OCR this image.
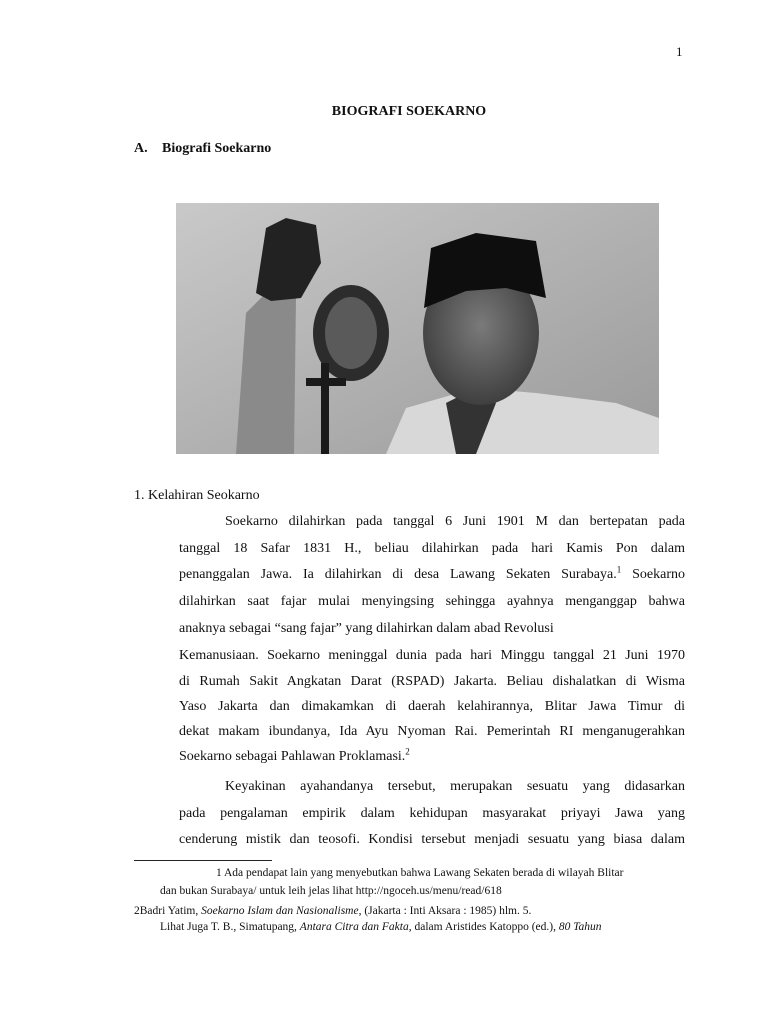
1
BIOGRAFI SOEKARNO
A. Biografi Soekarno
1. Kelahiran Seokarno
Soekarno dilahirkan pada tanggal 6 Juni 1901 M dan bertepatan pada
tanggal 18 Safar 1831 H., beliau dilahirkan pada hari Kamis Pon dalam
penanggalan Jawa. Ia dilahirkan di desa Lawang Sekaten Surabaya.$^1$ Soekarno
dilahirkan saat fajar mulai menyingsing sehingga ayahnya menganggap bahwa
anaknya sebagai “sang fajar” yang dilahirkan dalam abad Revolusi
Kemanusiaan. Soekarno meninggal dunia pada hari Minggu tanggal 21 Juni 1970
di Rumah Sakit Angkatan Darat (RSPAD) Jakarta. Beliau dishalatkan di Wisma
Yaso Jakarta dan dimakamkan di daerah kelahirannya, Blitar Jawa Timur di
dekat makam ibundanya, Ida Ayu Nyoman Rai. Pemerintah RI menganugerahkan
Soekarno sebagai Pahlawan Proklamasi.$^2$
Keyakinan ayahandanya tersebut, merupakan sesuatu yang didasarkan
pada pengalaman empirik dalam kehidupan masyarakat priyayi Jawa yang
cenderung mistik dan teosofi. Kondisi tersebut menjadi sesuatu yang biasa dalam
1 Ada pendapat lain yang menyebutkan bahwa Lawang Sekaten berada di wilayah Blitar
dan bukan Surabaya/ untuk leih jelas lihat http://ngoceh.us/menu/read/618
2Badri Yatim, Soekarno Islam dan Nasionalisme, (Jakarta : Inti Aksara : 1985) hlm. 5.
Lihat Juga T. B., Simatupang, Antara Citra dan Fakta, dalam Aristides Katoppo (ed.), 80 Tahun
